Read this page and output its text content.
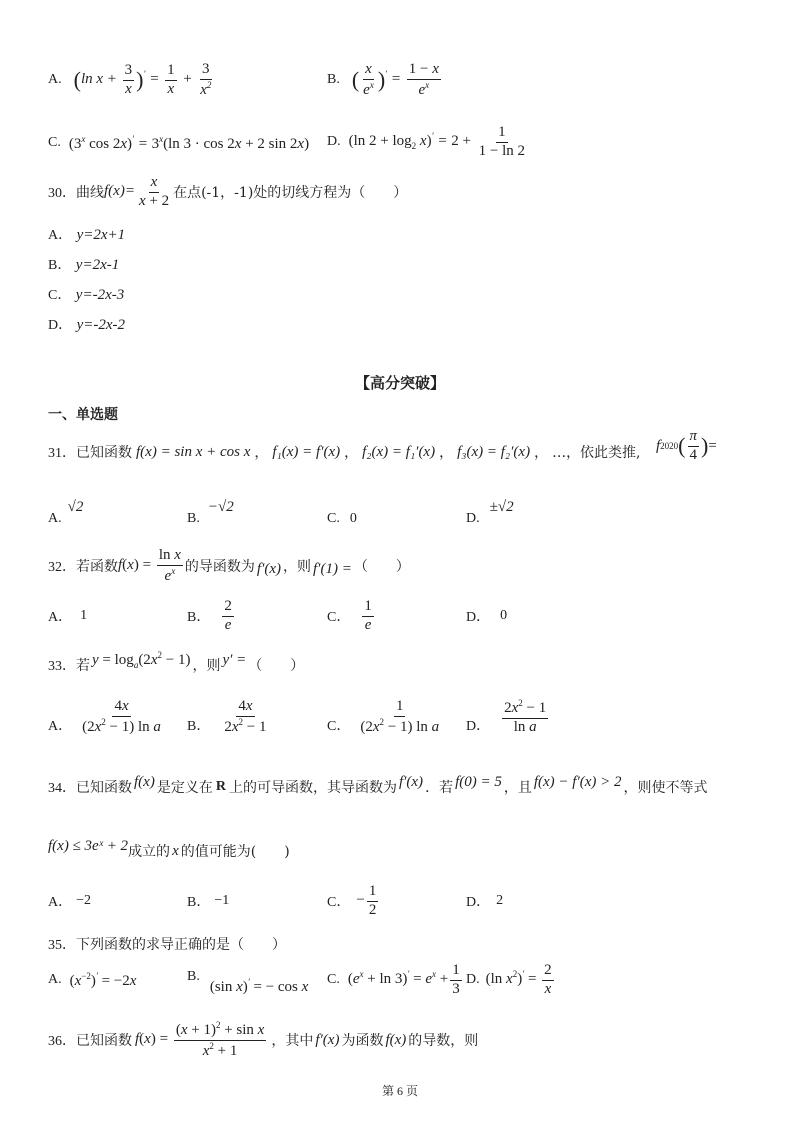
A. (ln $x + \frac{3}{x} )' = \frac{1}{x} + \frac{3}{x^2}$	B. ( $\frac{x}{e^x} )' = \frac{1 - x}{e^x}$
C. (3$^x$ $\cos 2x)' = 3^x(\ln$ 3 · cos 2x + 2 sin 2x) D. (ln $2 + \log_2 x)' = 2 + \frac{1}{1 - \ln 2}$
30． 曲线 $f(x)= \frac{x}{x + 2}$ 在点(-1，-1)处的切线方程为（　　）
A． y=2x+1
B． y=2x-1
C． y=-2x-3
D． y=-2x-2
【高分突破】
一、单选题
31． 已知函数 f(x) = sin x + cos x ， f₁(x) = f′(x) ， f₂(x) = f₁′(x) ， f₃(x) = f₂′(x) ， …，依此类推, f 2020 ( $\frac{\pi}{4}$ ) =
A.
√2
B.
−√2
C. 0	D.
±√2
32． 若函数 $f(x) = \frac{\text{ln x}}{e^x}$ 的导函数为 f′(x) ，则 f′(1) = （　　）
A． 1	B． $\frac{2}{e}$	C． $\frac{1}{e}$	D． 0
33． 若 $y = \log_a(2x^2 - 1)$ ，则 y′ = （　　）
A． $\frac{4x}{(2x^2 - 1) \ln a}$ B． $\frac{4x}{2x^2 - 1}$	C． $\frac{1}{(2x^2 - 1) \ln a}$ D． $\frac{2x^2 - 1}{\text{ln a}}$
34． 已知函数 f(x) 是定义在 R 上的可导函数，其导函数为 f′(x) ．若 f(0) = 5 ，且 f(x) − f′(x) > 2 ，则使不等式
f(x) ≤ 3eˣ + 2 成立的 x 的值可能为(　　)
A． −2	B． −1	C． − $\frac{1}{2}$	D． 2
35． 下列函数的求导正确的是（　　）
A. $(x^{-2})' = -2x$	B.
(sin x)′ = − cos x C. $(e^x + \ln 3)' = e^x + \frac{1}{3} D$. (ln $x^2)' = \frac{2}{x}$
36． 已知函数 $f(x) = \frac{(x + 1)^2 + \sin x}{x^2 + 1}$ ，其中 f′(x) 为函数 f(x) 的导数，则
第 6 页
